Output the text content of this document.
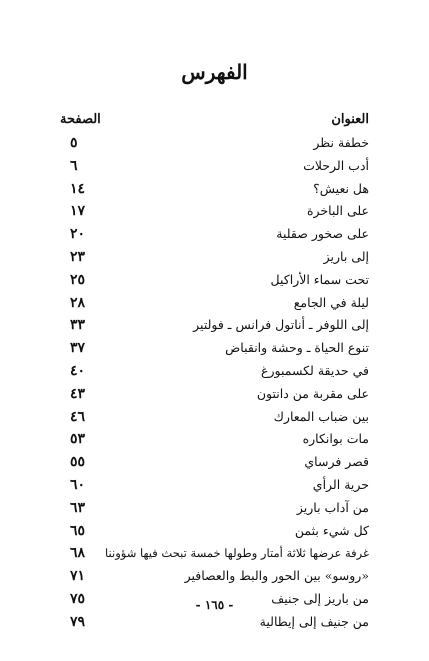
الفهرس
العنوان
الصفحة
خطفة نظر
٥
أدب الرحلات
٦
هل نعيش؟
١٤
على الباخرة
١٧
على صخور صقلية
٢٠
إلى باريز
٢٣
تحت سماء الأراكيل
٢٥
ليلة في الجامع
٢٨
إلى اللوفر ـ أناتول فرانس ـ فولتير
٣٣
تنوع الحياة ـ وحشة وانقباض
٣٧
في حديقة لكسمبورغ
٤٠
على مقربة من دانتون
٤٣
بين ضباب المعارك
٤٦
مات بوانكاره
٥٣
قصر فرساي
٥٥
حرية الرأي
٦٠
من آداب باريز
٦٣
كل شيء بثمن
٦٥
غرفة عرضها ثلاثة أمتار وطولها خمسة تبحث فيها شؤوننا
٦٨
«روسو» بين الحور والبط والعصافير
٧١
من باريز إلى جنيف
٧٥
من جنيف إلى إيطالية
٧٩
- ١٦٥ -
